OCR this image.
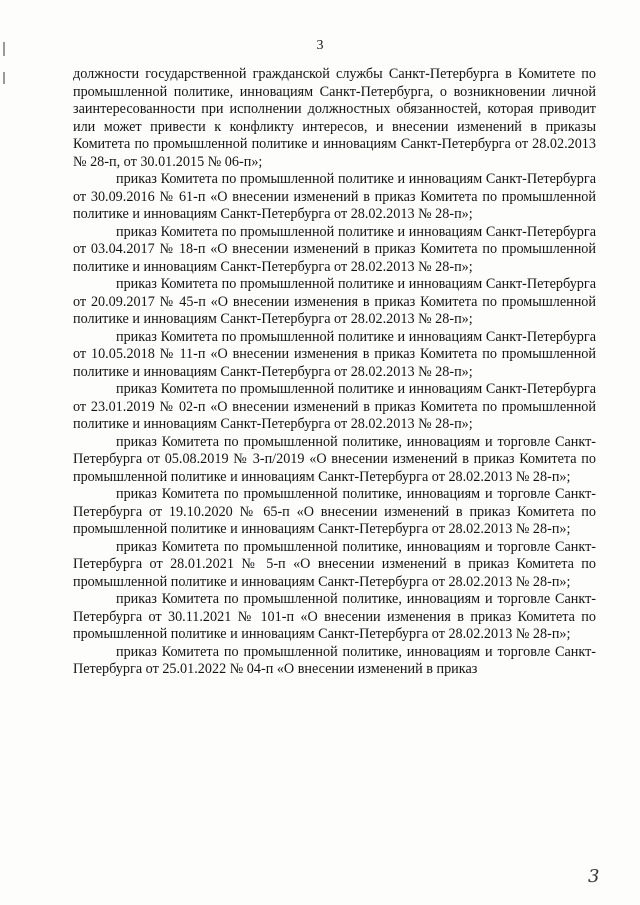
3

должности государственной гражданской службы Санкт-Петербурга в Комитете по промышленной политике, инновациям Санкт-Петербурга, о возникновении личной заинтересованности при исполнении должностных обязанностей, которая приводит или может привести к конфликту интересов, и внесении изменений в приказы Комитета по промышленной политике и инновациям Санкт-Петербурга от 28.02.2013 № 28-п, от 30.01.2015 № 06-п»;

приказ Комитета по промышленной политике и инновациям Санкт-Петербурга от 30.09.2016 № 61-п «О внесении изменений в приказ Комитета по промышленной политике и инновациям Санкт-Петербурга от 28.02.2013 № 28-п»;

приказ Комитета по промышленной политике и инновациям Санкт-Петербурга от 03.04.2017 № 18-п «О внесении изменений в приказ Комитета по промышленной политике и инновациям Санкт-Петербурга от 28.02.2013 № 28-п»;

приказ Комитета по промышленной политике и инновациям Санкт-Петербурга от 20.09.2017 № 45-п «О внесении изменения в приказ Комитета по промышленной политике и инновациям Санкт-Петербурга от 28.02.2013 № 28-п»;

приказ Комитета по промышленной политике и инновациям Санкт-Петербурга от 10.05.2018 № 11-п «О внесении изменения в приказ Комитета по промышленной политике и инновациям Санкт-Петербурга от 28.02.2013 № 28-п»;

приказ Комитета по промышленной политике и инновациям Санкт-Петербурга от 23.01.2019 № 02-п «О внесении изменений в приказ Комитета по промышленной политике и инновациям Санкт-Петербурга от 28.02.2013 № 28-п»;

приказ Комитета по промышленной политике, инновациям и торговле Санкт-Петербурга от 05.08.2019 № 3-п/2019 «О внесении изменений в приказ Комитета по промышленной политике и инновациям Санкт-Петербурга от 28.02.2013 № 28-п»;

приказ Комитета по промышленной политике, инновациям и торговле Санкт-Петербурга от 19.10.2020 № 65-п «О внесении изменений в приказ Комитета по промышленной политике и инновациям Санкт-Петербурга от 28.02.2013 № 28-п»;

приказ Комитета по промышленной политике, инновациям и торговле Санкт-Петербурга от 28.01.2021 № 5-п «О внесении изменений в приказ Комитета по промышленной политике и инновациям Санкт-Петербурга от 28.02.2013 № 28-п»;

приказ Комитета по промышленной политике, инновациям и торговле Санкт-Петербурга от 30.11.2021 № 101-п «О внесении изменения в приказ Комитета по промышленной политике и инновациям Санкт-Петербурга от 28.02.2013 № 28-п»;

приказ Комитета по промышленной политике, инновациям и торговле Санкт-Петербурга от 25.01.2022 № 04-п «О внесении изменений в приказ

3
